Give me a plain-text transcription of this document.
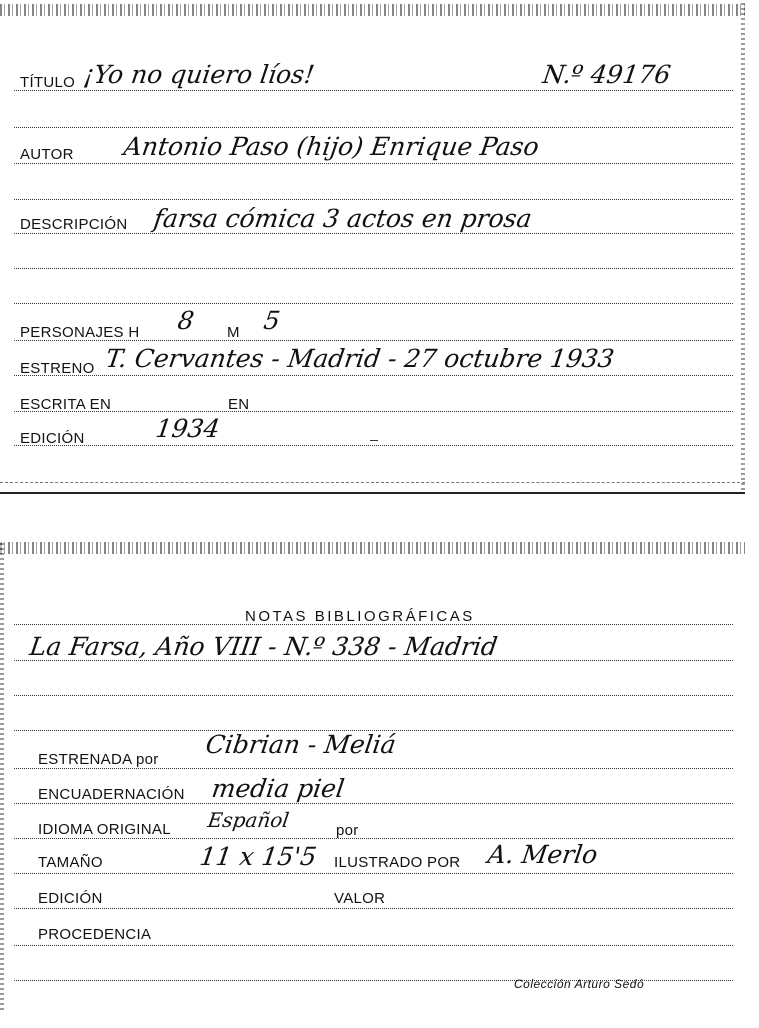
TÍTULO ¡Yo no quiero líos!	N.º 49176
AUTOR Antonio Paso (hijo) Enrique Paso
DESCRIPCIÓN farsa cómica 3 actos en prosa
PERSONAJES H 8 M 5
ESTRENO T. Cervantes - Madrid - 27 octubre 1933
ESCRITA EN	EN
EDICIÓN	1934
NOTAS BIBLIOGRÁFICAS
La Farsa, Año VIII - N.º 338 - Madrid
ESTRENADA por
Cibrian - Meliá
ENCUADERNACIÓN media piel
IDIOMA ORIGINAL Español	por
TAMAÑO	11 x 15'5 ILUSTRADO POR A. Merlo
EDICIÓN	VALOR
PROCEDENCIA
Colección Arturo Sedó
